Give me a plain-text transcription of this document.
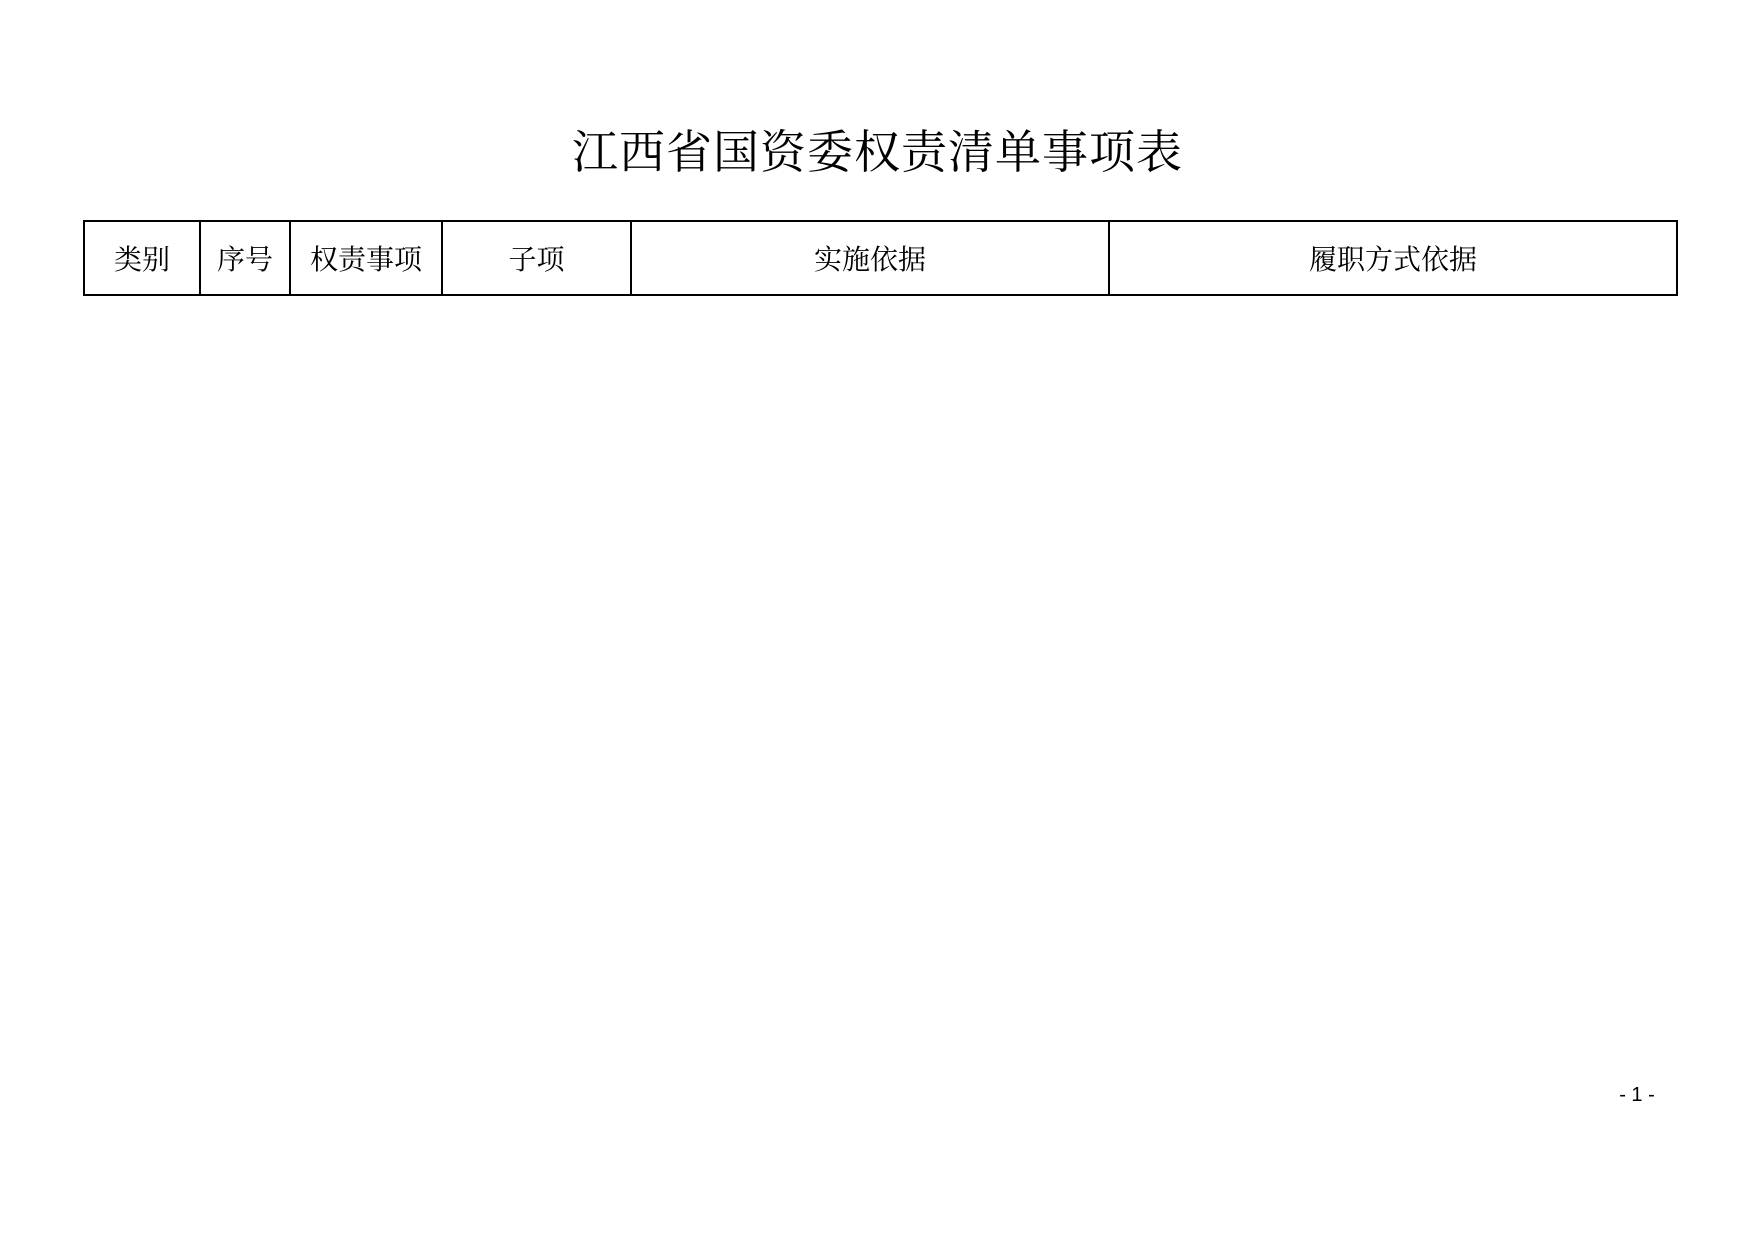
江西省国资委权责清单事项表
类别	序号	权责事项	子项	实施依据	履职方式依据
- 1 -
